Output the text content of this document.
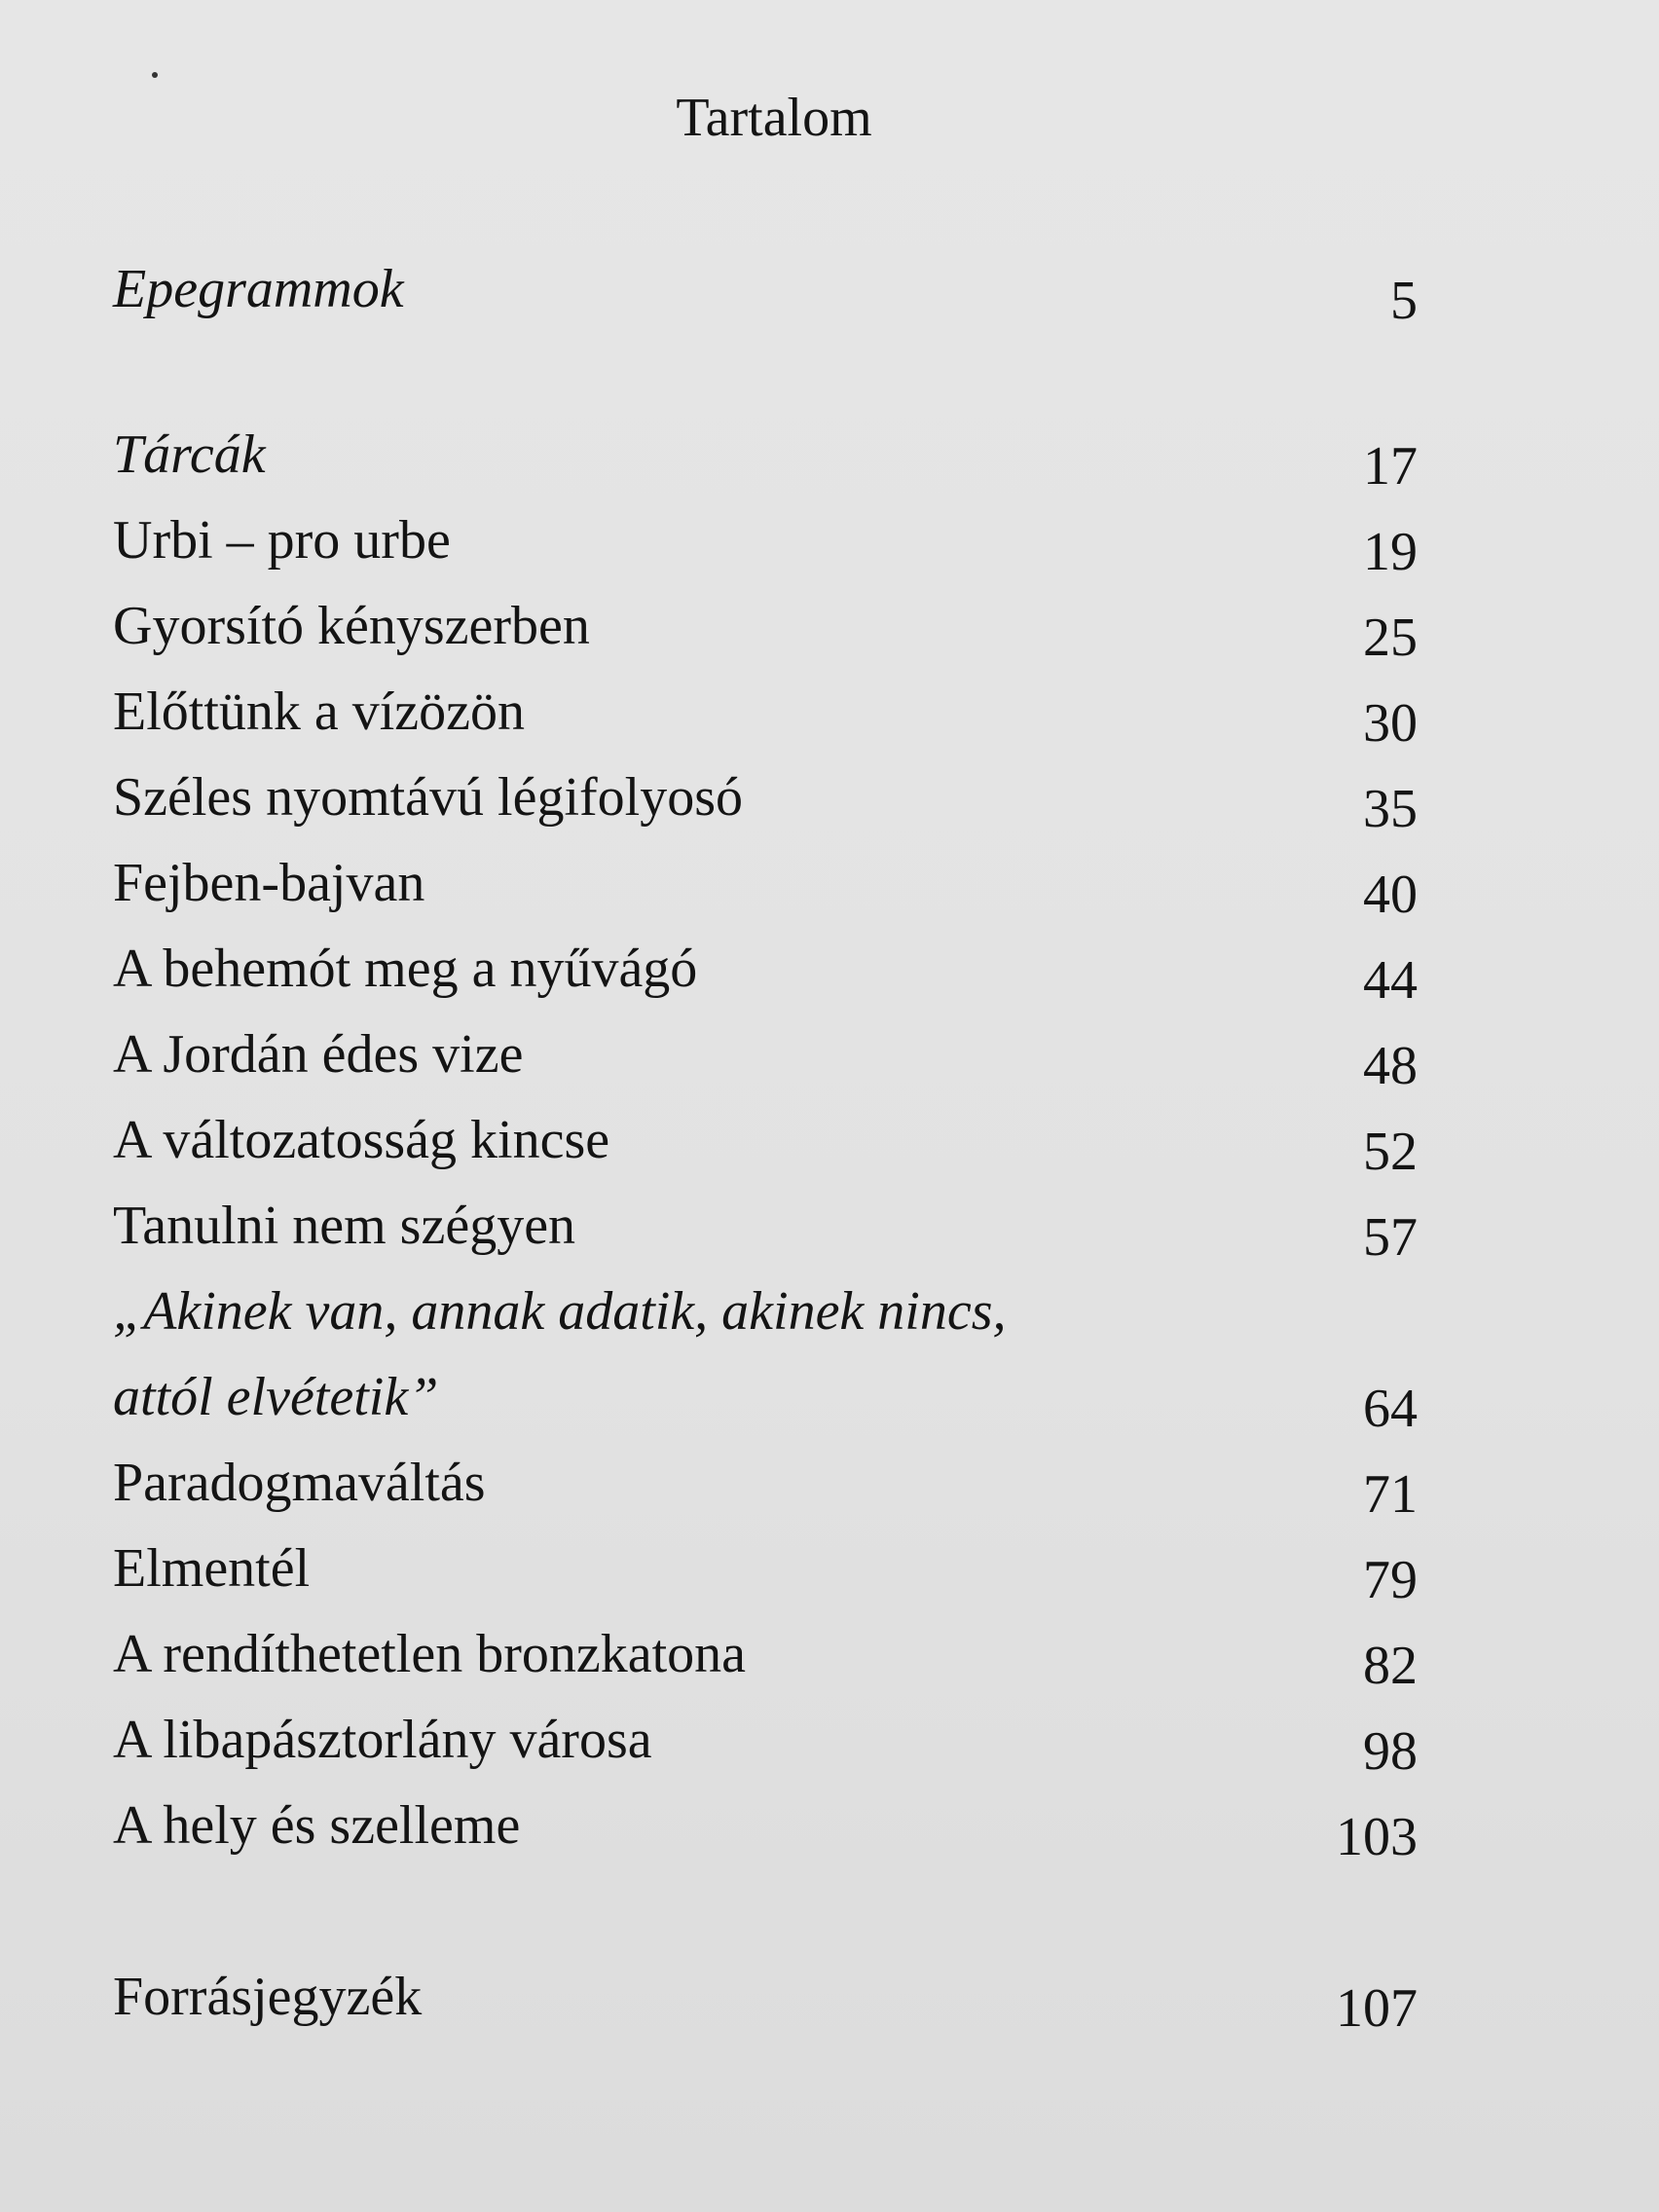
Tartalom
Epegrammok	5
Tárcák	17
Urbi – pro urbe	19
Gyorsító kényszerben	25
Előttünk a vízözön	30
Széles nyomtávú légifolyosó	35
Fejben-bajvan	40
A behemót meg a nyűvágó	44
A Jordán édes vize	48
A változatosság kincse	52
Tanulni nem szégyen	57
„Akinek van, annak adatik, akinek nincs,
attól elvétetik”	64
Paradogmaváltás	71
Elmentél	79
A rendíthetetlen bronzkatona	82
A libapásztorlány városa	98
A hely és szelleme	103
Forrásjegyzék	107
